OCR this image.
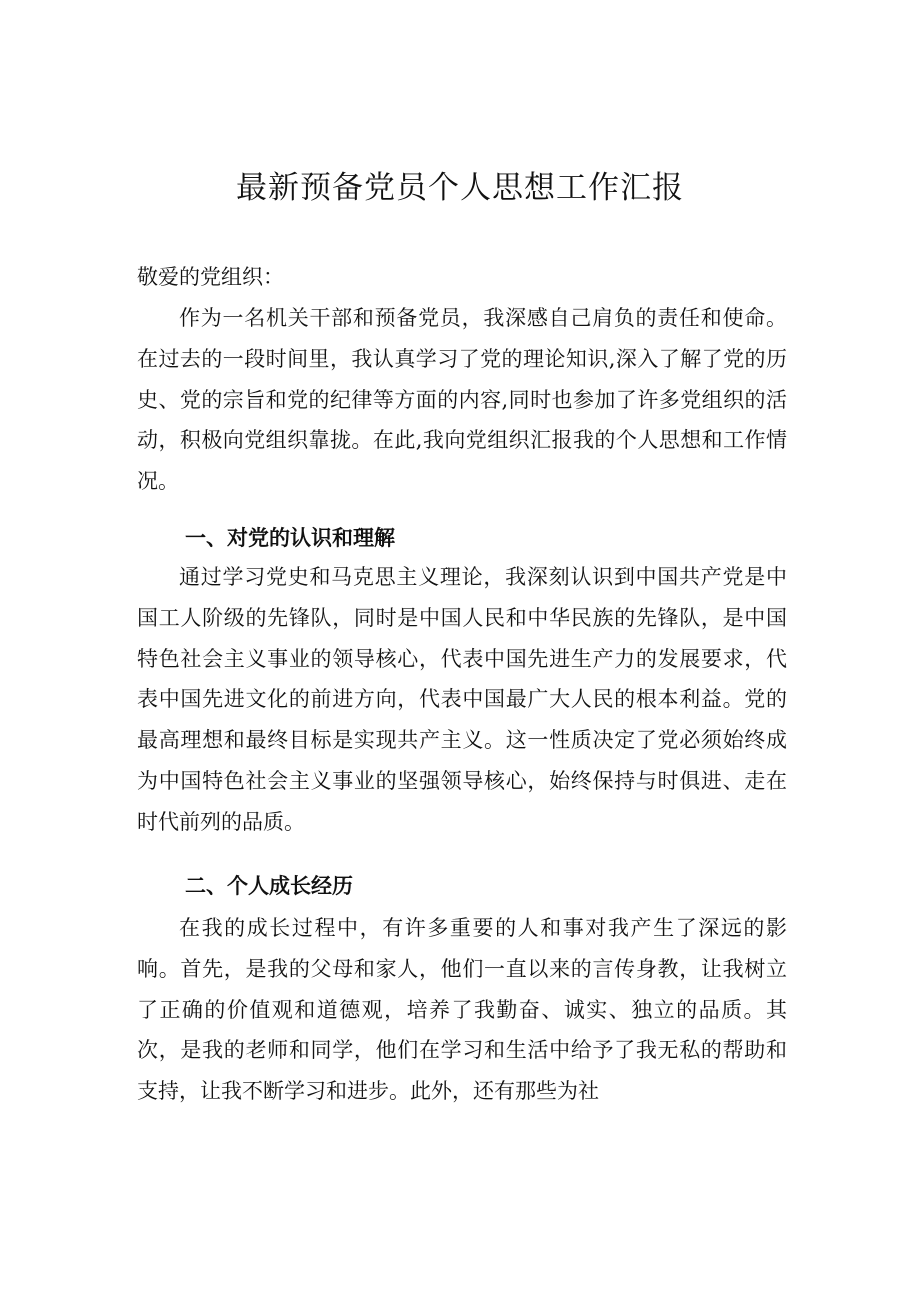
最新预备党员个人思想工作汇报
敬爱的党组织：

作为一名机关干部和预备党员，我深感自己肩负的责任和使命。在过去的一段时间里，我认真学习了党的理论知识,深入了解了党的历史、党的宗旨和党的纪律等方面的内容,同时也参加了许多党组织的活动，积极向党组织靠拢。在此,我向党组织汇报我的个人思想和工作情况。

一、对党的认识和理解

通过学习党史和马克思主义理论，我深刻认识到中国共产党是中国工人阶级的先锋队，同时是中国人民和中华民族的先锋队，是中国特色社会主义事业的领导核心，代表中国先进生产力的发展要求，代表中国先进文化的前进方向，代表中国最广大人民的根本利益。党的最高理想和最终目标是实现共产主义。这一性质决定了党必须始终成为中国特色社会主义事业的坚强领导核心，始终保持与时俱进、走在时代前列的品质。

二、个人成长经历

在我的成长过程中，有许多重要的人和事对我产生了深远的影响。首先，是我的父母和家人，他们一直以来的言传身教，让我树立了正确的价值观和道德观，培养了我勤奋、诚实、独立的品质。其次，是我的老师和同学，他们在学习和生活中给予了我无私的帮助和支持，让我不断学习和进步。此外，还有那些为社
